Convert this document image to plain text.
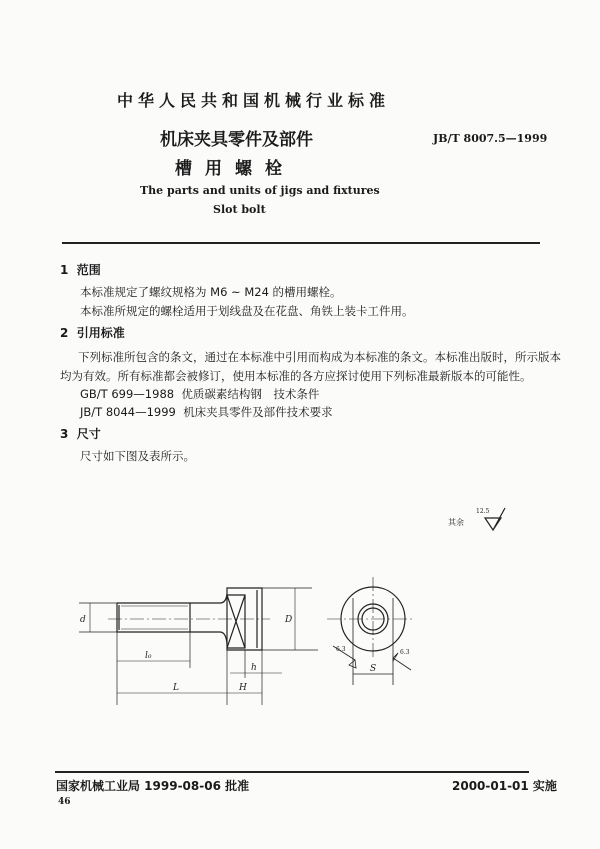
中华人民共和国机械行业标准
JB/T 8007.5—1999
机床夹具零件及部件
槽用螺栓
The parts and units of jigs and fixtures
Slot bolt
1 范围
本标准规定了螺纹规格为 M6 ~ M24 的槽用螺栓。
本标准所规定的螺栓适用于划线盘及在花盘、角铁上装卡工件用。
2 引用标准
下列标准所包含的条文，通过在本标准中引用而构成为本标准的条文。本标准出版时，所示版本
均为有效。所有标准都会被修订，使用本标准的各方应探讨使用下列标准最新版本的可能性。
GB/T 699—1988 优质碳素结构钢　技术条件
JB/T 8044—1999 机床夹具零件及部件技术要求
3 尺寸
尺寸如下图及表所示。
其余
12.5
d
l₀
L	H
h
D
S
6.3	6.3
国家机械工业局 1999-08-06 批准	2000-01-01 实施
46
